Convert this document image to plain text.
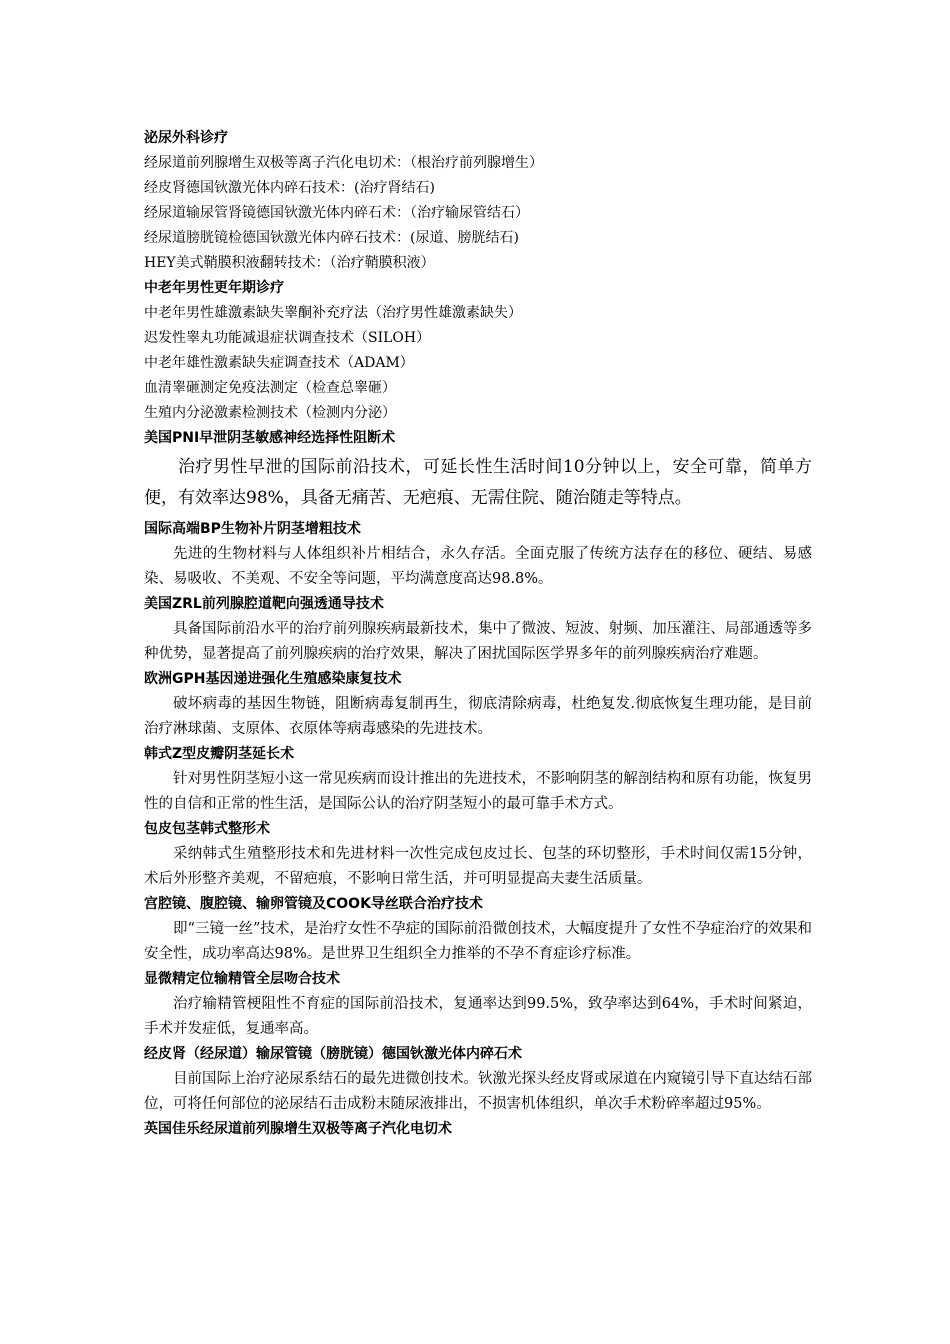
泌尿外科诊疗
经尿道前列腺增生双极等离子汽化电切术：（根治疗前列腺增生）
经皮肾德国钬激光体内碎石技术：(治疗肾结石)
经尿道输尿管肾镜德国钬激光体内碎石术：（治疗输尿管结石）
经尿道膀胱镜检德国钬激光体内碎石技术：(尿道、膀胱结石)
HEY美式鞘膜积液翻转技术：（治疗鞘膜积液）
中老年男性更年期诊疗
中老年男性雄激素缺失睾酮补充疗法（治疗男性雄激素缺失）
迟发性睾丸功能减退症状调查技术（SILOH）
中老年雄性激素缺失症调查技术（ADAM）
血清睾砸测定免疫法测定（检查总睾砸）
生殖内分泌激素检测技术（检测内分泌）
美国PNI早泄阴茎敏感神经选择性阻断术
治疗男性早泄的国际前沿技术，可延长性生活时间10分钟以上，安全可靠，简单方便，有效率达98%，具备无痛苦、无疤痕、无需住院、随治随走等特点。
国际高端BP生物补片阴茎增粗技术
先进的生物材料与人体组织补片相结合，永久存活。全面克服了传统方法存在的移位、硬结、易感染、易吸收、不美观、不安全等问题，平均满意度高达98.8%。
美国ZRL前列腺腔道靶向强透通导技术
具备国际前沿水平的治疗前列腺疾病最新技术，集中了微波、短波、射频、加压灌注、局部通透等多种优势，显著提高了前列腺疾病的治疗效果，解决了困扰国际医学界多年的前列腺疾病治疗难题。
欧洲GPH基因递进强化生殖感染康复技术
破坏病毒的基因生物链，阻断病毒复制再生，彻底清除病毒，杜绝复发.彻底恢复生理功能，是目前治疗淋球菌、支原体、衣原体等病毒感染的先进技术。
韩式Z型皮瓣阴茎延长术
针对男性阴茎短小这一常见疾病而设计推出的先进技术，不影响阴茎的解剖结构和原有功能，恢复男性的自信和正常的性生活，是国际公认的治疗阴茎短小的最可靠手术方式。
包皮包茎韩式整形术
采纳韩式生殖整形技术和先进材料一次性完成包皮过长、包茎的环切整形，手术时间仅需15分钟，术后外形整齐美观，不留疤痕，不影响日常生活，并可明显提高夫妻生活质量。
宫腔镜、腹腔镜、输卵管镜及COOK导丝联合治疗技术
即“三镜一丝”技术，是治疗女性不孕症的国际前沿微创技术，大幅度提升了女性不孕症治疗的效果和安全性，成功率高达98%。是世界卫生组织全力推举的不孕不育症诊疗标准。
显微精定位输精管全层吻合技术
治疗输精管梗阻性不育症的国际前沿技术，复通率达到99.5%，致孕率达到64%，手术时间紧迫，手术并发症低，复通率高。
经皮肾（经尿道）输尿管镜（膀胱镜）德国钬激光体内碎石术
目前国际上治疗泌尿系结石的最先进微创技术。钬激光探头经皮肾或尿道在内窥镜引导下直达结石部位，可将任何部位的泌尿结石击成粉末随尿液排出，不损害机体组织，单次手术粉碎率超过95%。
英国佳乐经尿道前列腺增生双极等离子汽化电切术
